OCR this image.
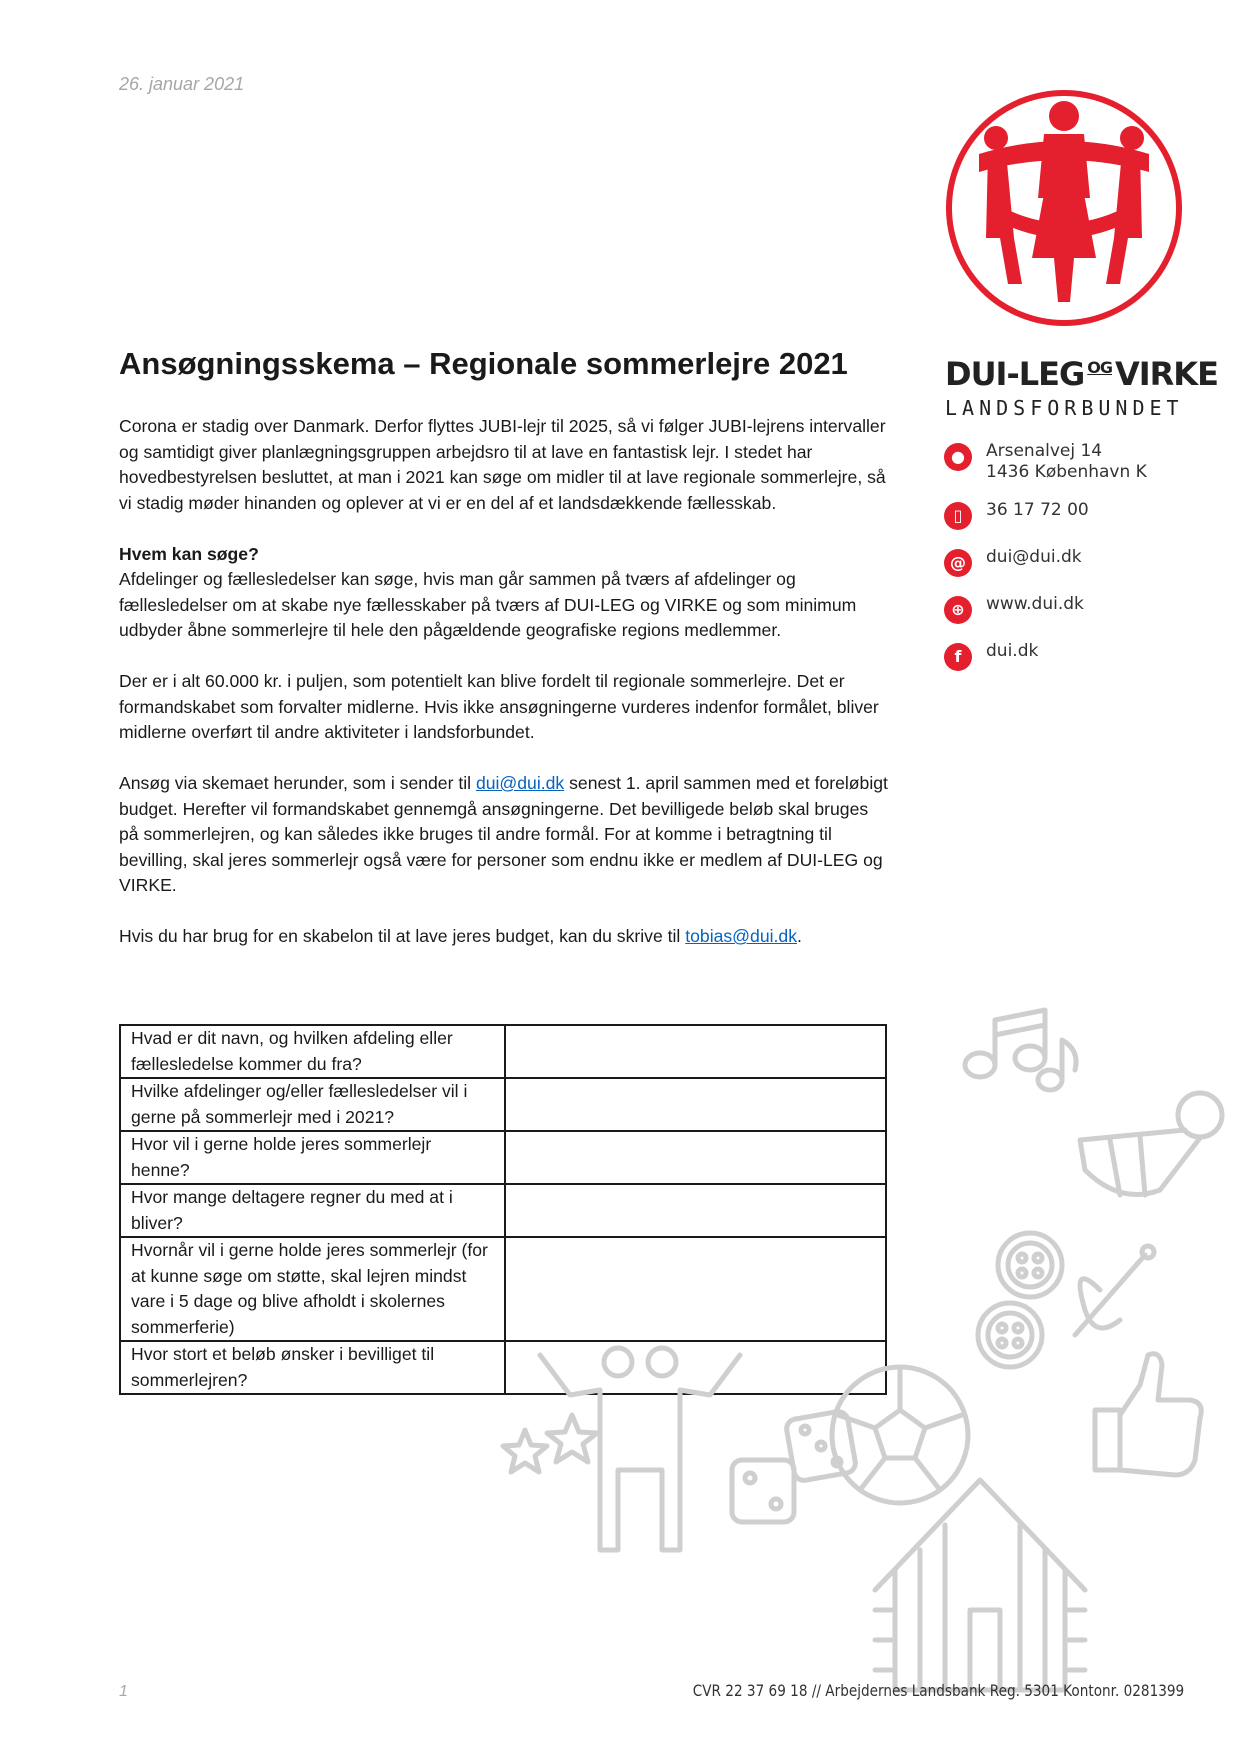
26. januar 2021
Ansøgningsskema – Regionale sommerlejre 2021	DUI-LEG $^{OG}$VIRKE
LANDSFORBUNDET
●	Arsenalvej 14
1436 København K
▯	36 17 72 00
@	dui@dui.dk
⊕	www.dui.dk
f	dui.dk

Corona er stadig over Danmark. Derfor flyttes JUBI-lejr til 2025, så vi følger JUBI-lejrens intervaller og samtidigt giver planlægningsgruppen arbejdsro til at lave en fantastisk lejr. I stedet har hovedbestyrelsen besluttet, at man i 2021 kan søge om midler til at lave regionale sommerlejre, så vi stadig møder hinanden og oplever at vi er en del af et landsdækkende fællesskab.

Hvem kan søge?

Afdelinger og fællesledelser kan søge, hvis man går sammen på tværs af afdelinger og fællesledelser om at skabe nye fællesskaber på tværs af DUI-LEG og VIRKE og som minimum udbyder åbne sommerlejre til hele den pågældende geografiske regions medlemmer.

Der er i alt 60.000 kr. i puljen, som potentielt kan blive fordelt til regionale sommerlejre. Det er formandskabet som forvalter midlerne. Hvis ikke ansøgningerne vurderes indenfor formålet, bliver midlerne overført til andre aktiviteter i landsforbundet.

Ansøg via skemaet herunder, som i sender til dui@dui.dk senest 1. april sammen med et foreløbigt budget. Herefter vil formandskabet gennemgå ansøgningerne. Det bevilligede beløb skal bruges på sommerlejren, og kan således ikke bruges til andre formål. For at komme i betragtning til bevilling, skal jeres sommerlejr også være for personer som endnu ikke er medlem af DUI-LEG og VIRKE.

Hvis du har brug for en skabelon til at lave jeres budget, kan du skrive til tobias@dui.dk.

Hvad er dit navn, og hvilken afdeling eller fællesledelse kommer du fra?	
Hvilke afdelinger og/eller fællesledelser vil i gerne på sommerlejr med i 2021?	
Hvor vil i gerne holde jeres sommerlejr henne?	
Hvor mange deltagere regner du med at i bliver?	
Hvornår vil i gerne holde jeres sommerlejr (for at kunne søge om støtte, skal lejren mindst vare i 5 dage og blive afholdt i skolernes sommerferie)	
Hvor stort et beløb ønsker i bevilliget til sommerlejren?	
1	CVR 22 37 69 18 // Arbejdernes Landsbank Reg. 5301 Kontonr. 0281399
